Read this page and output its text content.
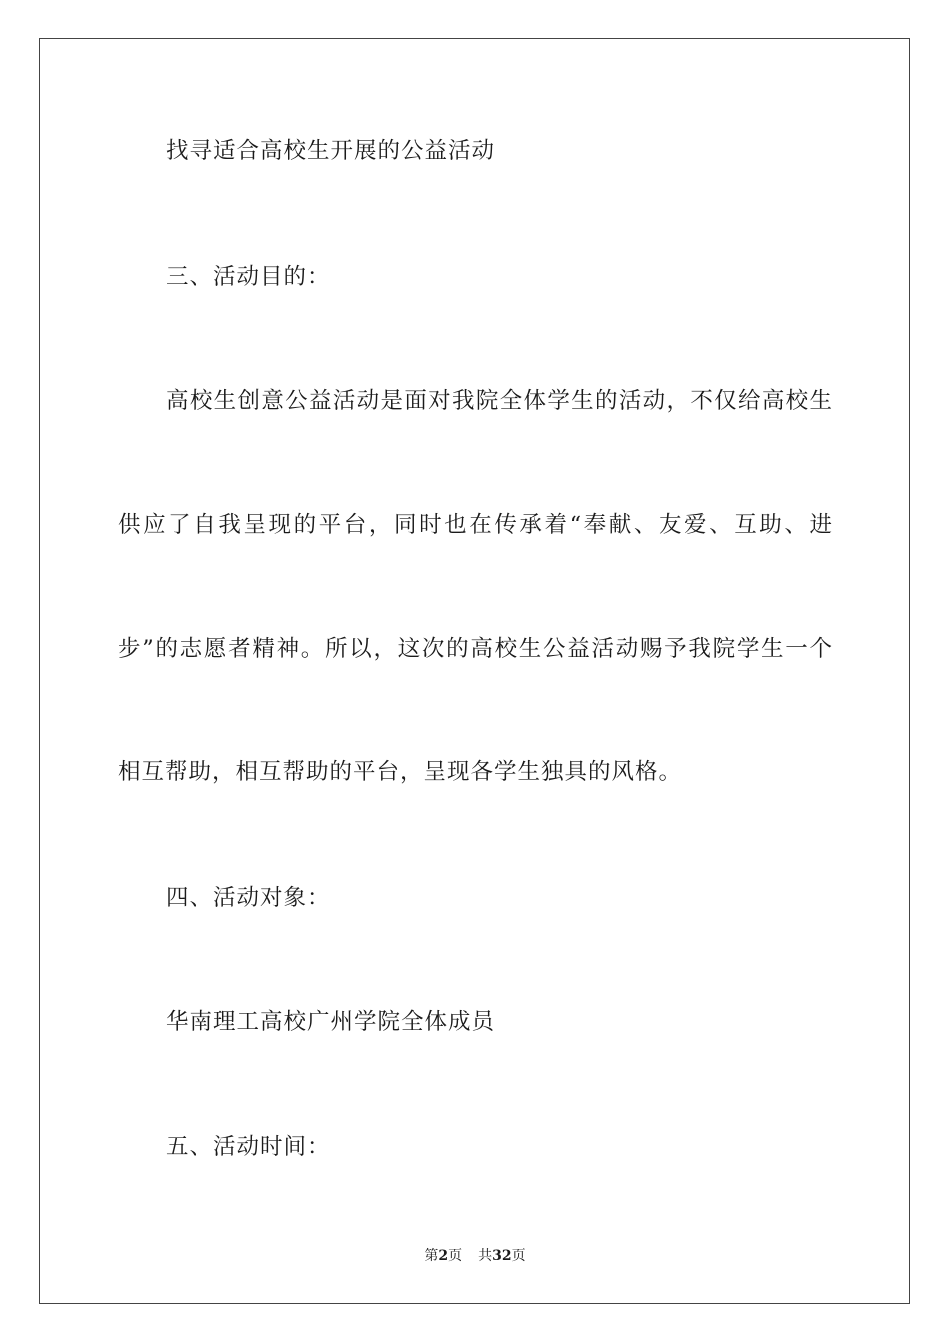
找寻适合高校生开展的公益活动
三、活动目的：
高校生创意公益活动是面对我院全体学生的活动，不仅给高校生
供应了自我呈现的平台，同时也在传承着“奉献、友爱、互助、进
步”的志愿者精神。所以，这次的高校生公益活动赐予我院学生一个
相互帮助，相互帮助的平台，呈现各学生独具的风格。
四、活动对象：
华南理工高校广州学院全体成员
五、活动时间：
第2页 共32页
